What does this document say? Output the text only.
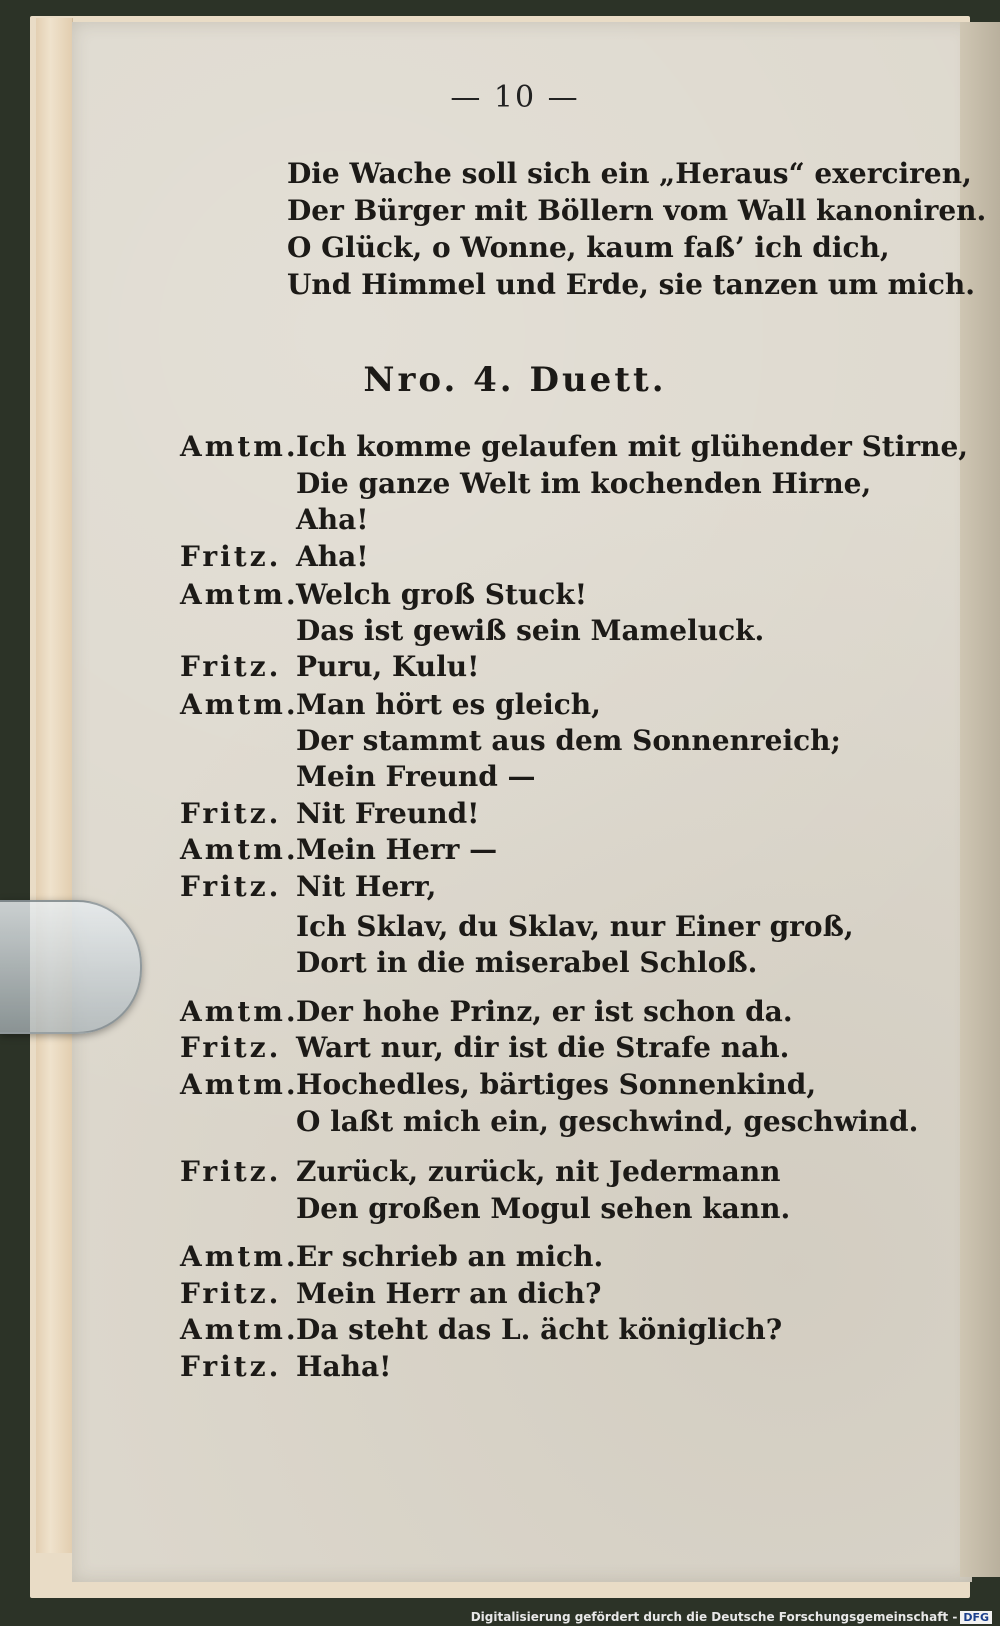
— 10 —
Die Wache soll sich ein „Heraus“ exerciren,
Der Bürger mit Böllern vom Wall kanoniren.
O Glück, o Wonne, kaum faß’ ich dich,
Und Himmel und Erde, sie tanzen um mich.
Nro. 4. Duett.
Amtm.
Ich komme gelaufen mit glühender Stirne,
Die ganze Welt im kochenden Hirne,
Aha!
Fritz. Aha!
Amtm.
Welch groß Stuck!
Das ist gewiß sein Mameluck.
Fritz. Puru, Kulu!
Amtm.
Man hört es gleich,
Der stammt aus dem Sonnenreich;
Mein Freund —
Fritz. Nit Freund!
Amtm.
Mein Herr —
Fritz. Nit Herr,
Ich Sklav, du Sklav, nur Einer groß,
Dort in die miserabel Schloß.
Amtm.
Der hohe Prinz, er ist schon da.
Fritz. Wart nur, dir ist die Strafe nah.
Amtm.
Hochedles, bärtiges Sonnenkind,
O laßt mich ein, geschwind, geschwind.
Fritz. Zurück, zurück, nit Jedermann
Den großen Mogul sehen kann.
Amtm.
Er schrieb an mich.
Fritz. Mein Herr an dich?
Amtm.
Da steht das L. ächt königlich?
Fritz. Haha!
Digitalisierung gefördert durch die Deutsche Forschungsgemeinschaft - DFG
